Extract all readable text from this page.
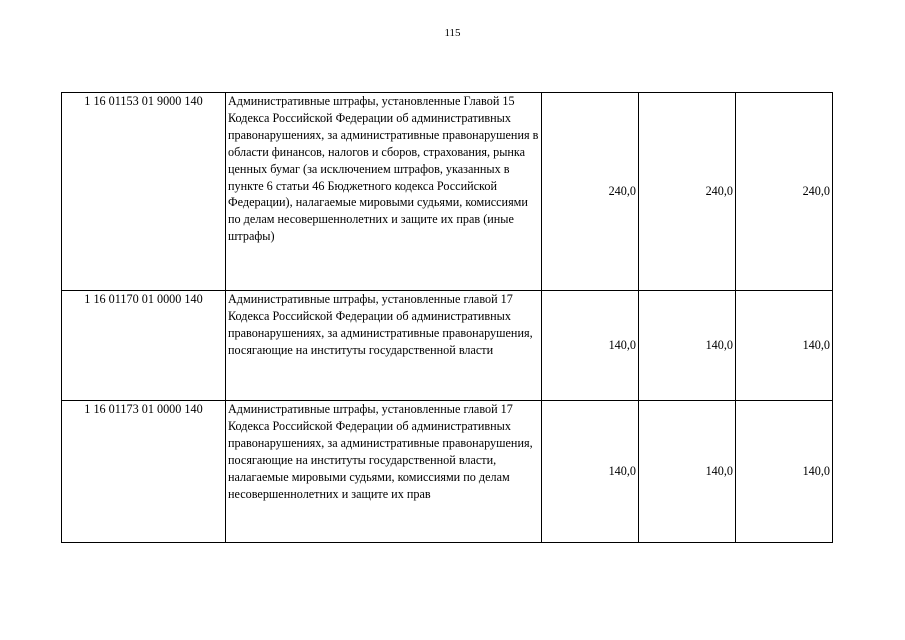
115
1 16 01153 01 9000 140	Административные штрафы, установленные Главой 15 Кодекса Российской Федерации об административных правонарушениях, за административные правонарушения в области финансов, налогов и сборов, страхования, рынка ценных бумаг (за исключением штрафов, указанных в пункте 6 статьи 46 Бюджетного кодекса Российской Федерации), налагаемые мировыми судьями, комиссиями по делам несовершеннолетних и защите их прав (иные штрафы)	240,0	240,0	240,0
1 16 01170 01 0000 140	Административные штрафы, установленные главой 17 Кодекса Российской Федерации об административных правонарушениях, за административные правонарушения, посягающие на институты государственной власти	140,0	140,0	140,0
1 16 01173 01 0000 140	Административные штрафы, установленные главой 17 Кодекса Российской Федерации об административных правонарушениях, за административные правонарушения, посягающие на институты государственной власти, налагаемые мировыми судьями, комиссиями по делам несовершеннолетних и защите их прав	140,0	140,0	140,0
